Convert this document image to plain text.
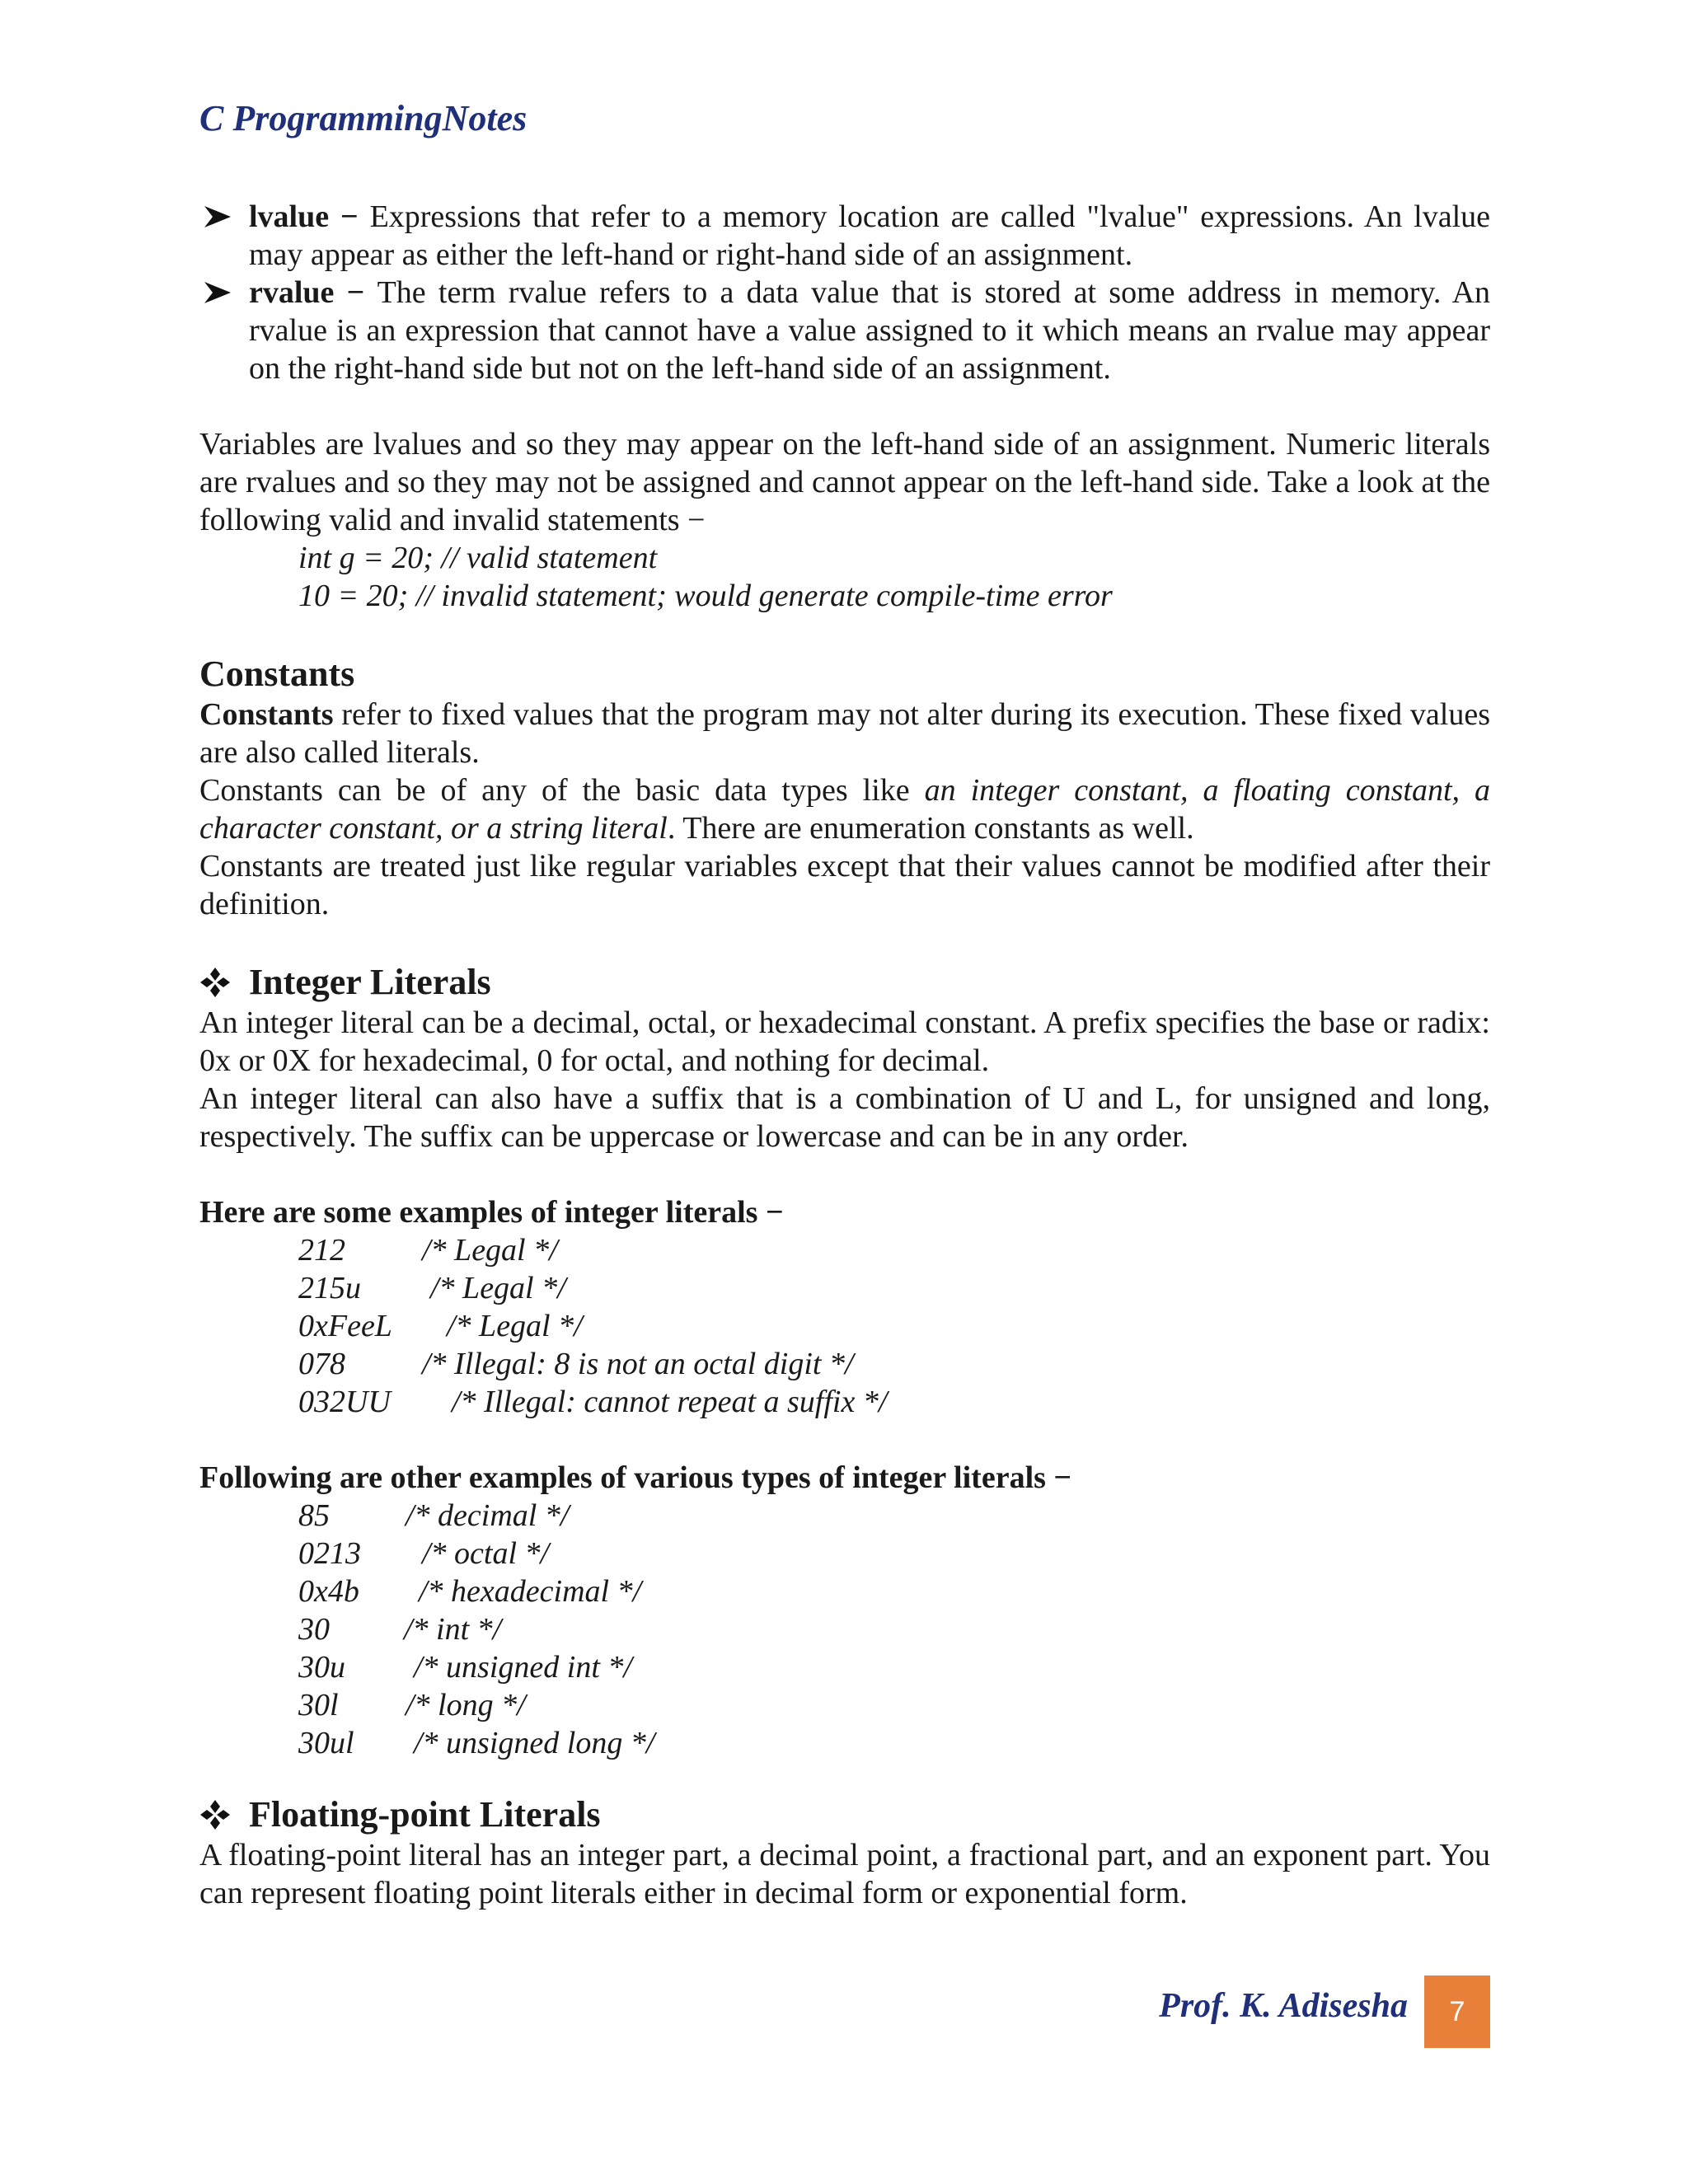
C ProgrammingNotes
lvalue − Expressions that refer to a memory location are called "lvalue" expressions. An lvalue may appear as either the left-hand or right-hand side of an assignment.
rvalue − The term rvalue refers to a data value that is stored at some address in memory. An rvalue is an expression that cannot have a value assigned to it which means an rvalue may appear on the right-hand side but not on the left-hand side of an assignment.

Variables are lvalues and so they may appear on the left-hand side of an assignment. Numeric literals are rvalues and so they may not be assigned and cannot appear on the left-hand side. Take a look at the following valid and invalid statements −

int g = 20; // valid statement
10 = 20; // invalid statement; would generate compile-time error
Constants

Constants refer to fixed values that the program may not alter during its execution. These fixed values are also called literals.

Constants can be of any of the basic data types like an integer constant, a floating constant, a character constant, or a string literal. There are enumeration constants as well.

Constants are treated just like regular variables except that their values cannot be modified after their definition.

Integer Literals

An integer literal can be a decimal, octal, or hexadecimal constant. A prefix specifies the base or radix: 0x or 0X for hexadecimal, 0 for octal, and nothing for decimal.

An integer literal can also have a suffix that is a combination of U and L, for unsigned and long, respectively. The suffix can be uppercase or lowercase and can be in any order.

Here are some examples of integer literals −

212 /* Legal */
215u /* Legal */
0xFeeL /* Legal */
078 /* Illegal: 8 is not an octal digit */
032UU /* Illegal: cannot repeat a suffix */

Following are other examples of various types of integer literals −

85 /* decimal */
0213 /* octal */
0x4b /* hexadecimal */
30 /* int */
30u /* unsigned int */
30l /* long */
30ul /* unsigned long */
Floating-point Literals

A floating-point literal has an integer part, a decimal point, a fractional part, and an exponent part. You can represent floating point literals either in decimal form or exponential form.

Prof. K. Adisesha	7
